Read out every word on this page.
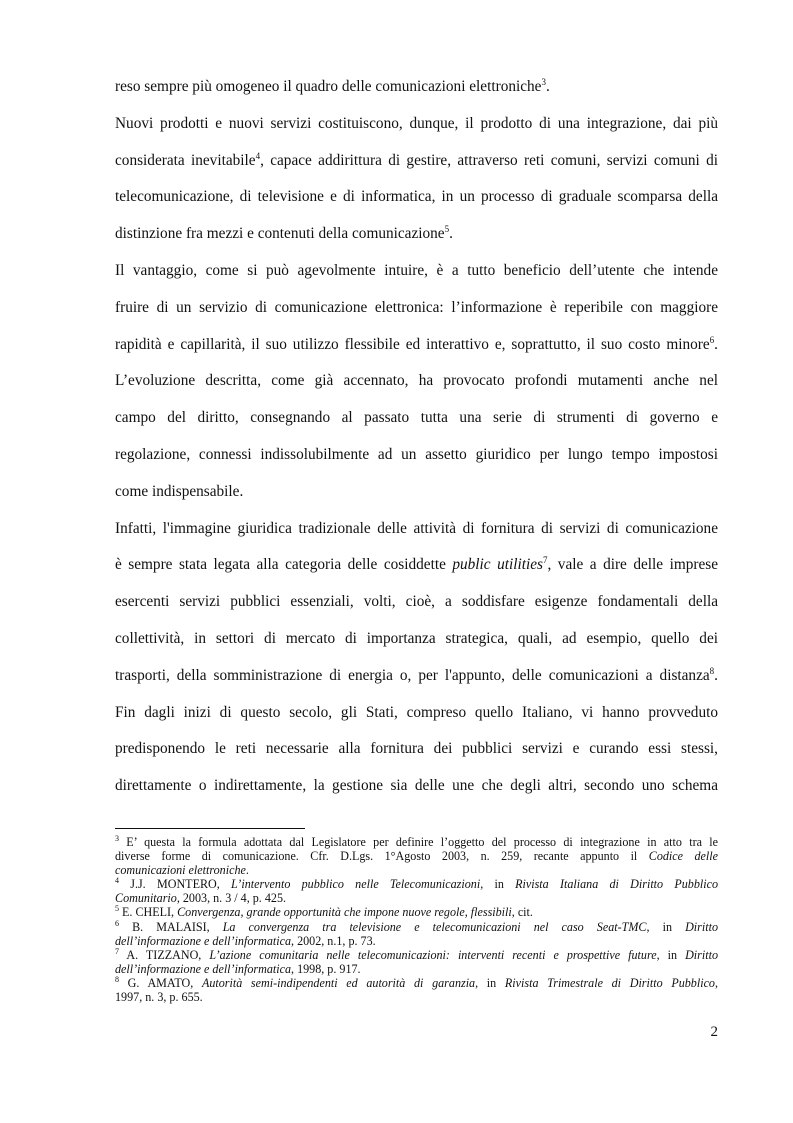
reso sempre più omogeneo il quadro delle comunicazioni elettroniche$^3$.
Nuovi prodotti e nuovi servizi costituiscono, dunque, il prodotto di una integrazione, dai più
considerata inevitabile$^4$, capace addirittura di gestire, attraverso reti comuni, servizi comuni di
telecomunicazione, di televisione e di informatica, in un processo di graduale scomparsa della
distinzione fra mezzi e contenuti della comunicazione$^5$.
Il vantaggio, come si può agevolmente intuire, è a tutto beneficio dell’utente che intende
fruire di un servizio di comunicazione elettronica: l’informazione è reperibile con maggiore
rapidità e capillarità, il suo utilizzo flessibile ed interattivo e, soprattutto, il suo costo minore$^6$.
L’evoluzione descritta, come già accennato, ha provocato profondi mutamenti anche nel
campo del diritto, consegnando al passato tutta una serie di strumenti di governo e
regolazione, connessi indissolubilmente ad un assetto giuridico per lungo tempo impostosi
come indispensabile.
Infatti, l'immagine giuridica tradizionale delle attività di fornitura di servizi di comunicazione
è sempre stata legata alla categoria delle cosiddette public utilities$^7$, vale a dire delle imprese
esercenti servizi pubblici essenziali, volti, cioè, a soddisfare esigenze fondamentali della
collettività, in settori di mercato di importanza strategica, quali, ad esempio, quello dei
trasporti, della somministrazione di energia o, per l'appunto, delle comunicazioni a distanza$^8$.
Fin dagli inizi di questo secolo, gli Stati, compreso quello Italiano, vi hanno provveduto
predisponendo le reti necessarie alla fornitura dei pubblici servizi e curando essi stessi,
direttamente o indirettamente, la gestione sia delle une che degli altri, secondo uno schema
$^3$ E’ questa la formula adottata dal Legislatore per definire l’oggetto del processo di integrazione in atto tra le
diverse forme di comunicazione. Cfr. D.Lgs. 1°Agosto 2003, n. 259, recante appunto il Codice delle
comunicazioni elettroniche.
$^4$ J.J. MONTERO, L’intervento pubblico nelle Telecomunicazioni, in Rivista Italiana di Diritto Pubblico
Comunitario, 2003, n. 3 / 4, p. 425.
$^5$ E. CHELI, Convergenza, grande opportunità che impone nuove regole, flessibili, cit.
$^6$ B. MALAISI, La convergenza tra televisione e telecomunicazioni nel caso Seat-TMC, in Diritto
dell’informazione e dell’informatica, 2002, n.1, p. 73.
$^7$ A. TIZZANO, L’azione comunitaria nelle telecomunicazioni: interventi recenti e prospettive future, in Diritto
dell’informazione e dell’informatica, 1998, p. 917.
$^8$ G. AMATO, Autorità semi-indipendenti ed autorità di garanzia, in Rivista Trimestrale di Diritto Pubblico,
1997, n. 3, p. 655.
2
